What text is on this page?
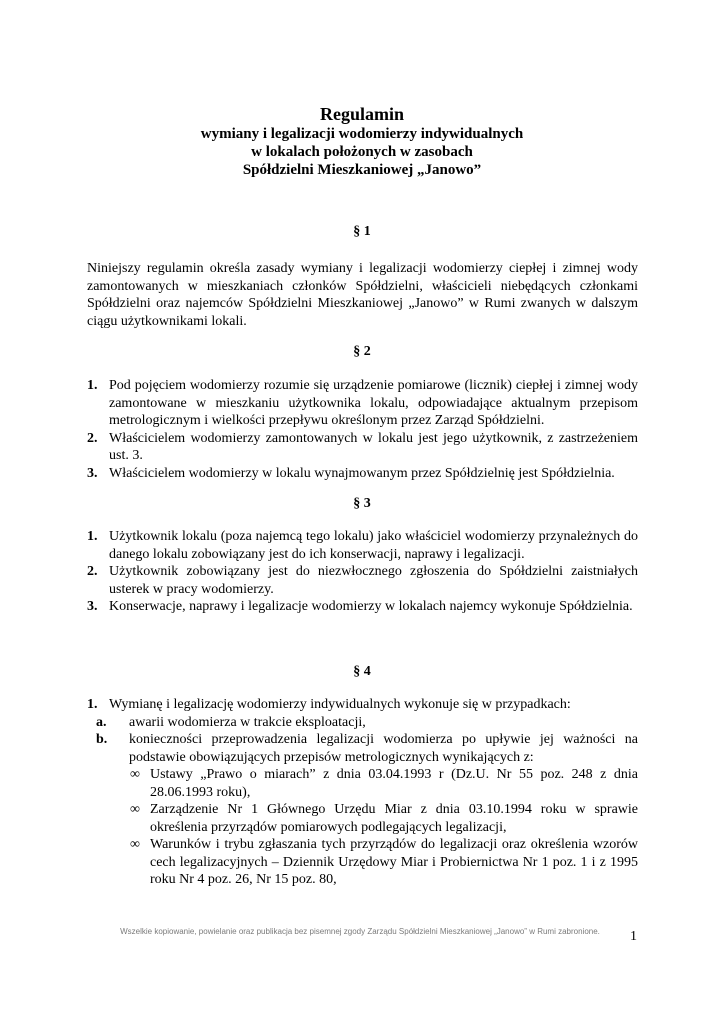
Regulamin
wymiany i legalizacji wodomierzy indywidualnych
w lokalach położonych w zasobach
Spółdzielni Mieszkaniowej „Janowo”
§ 1
Niniejszy regulamin określa zasady wymiany i legalizacji wodomierzy ciepłej i zimnej wody zamontowanych w mieszkaniach członków Spółdzielni, właścicieli niebędących członkami Spółdzielni oraz najemców Spółdzielni Mieszkaniowej „Janowo” w Rumi zwanych w dalszym ciągu użytkownikami lokali.
§ 2
1. Pod pojęciem wodomierzy rozumie się urządzenie pomiarowe (licznik) ciepłej i zimnej wody zamontowane w mieszkaniu użytkownika lokalu, odpowiadające aktualnym przepisom metrologicznym i wielkości przepływu określonym przez Zarząd Spółdzielni.
2. Właścicielem wodomierzy zamontowanych w lokalu jest jego użytkownik, z zastrzeżeniem ust. 3.
3. Właścicielem wodomierzy w lokalu wynajmowanym przez Spółdzielnię jest Spółdzielnia.
§ 3
1. Użytkownik lokalu (poza najemcą tego lokalu) jako właściciel wodomierzy przynależnych do danego lokalu zobowiązany jest do ich konserwacji, naprawy i legalizacji.
2. Użytkownik zobowiązany jest do niezwłocznego zgłoszenia do Spółdzielni zaistniałych usterek w pracy wodomierzy.
3. Konserwacje, naprawy i legalizacje wodomierzy w lokalach najemcy wykonuje Spółdzielnia.
§ 4
1. Wymianę i legalizację wodomierzy indywidualnych wykonuje się w przypadkach:
a. awarii wodomierza w trakcie eksploatacji,
b. konieczności przeprowadzenia legalizacji wodomierza po upływie jej ważności na podstawie obowiązujących przepisów metrologicznych wynikających z:
∞ Ustawy „Prawo o miarach” z dnia 03.04.1993 r (Dz.U. Nr 55 poz. 248 z dnia 28.06.1993 roku),
∞ Zarządzenie Nr 1 Głównego Urzędu Miar z dnia 03.10.1994 roku w sprawie określenia przyrządów pomiarowych podlegających legalizacji,
∞ Warunków i trybu zgłaszania tych przyrządów do legalizacji oraz określenia wzorów cech legalizacyjnych – Dziennik Urzędowy Miar i Probiernictwa Nr 1 poz. 1 i z 1995 roku Nr 4 poz. 26, Nr 15 poz. 80,
Wszelkie kopiowanie, powielanie oraz publikacja bez pisemnej zgody Zarządu Spółdzielni Mieszkaniowej „Janowo” w Rumi zabronione.	1
